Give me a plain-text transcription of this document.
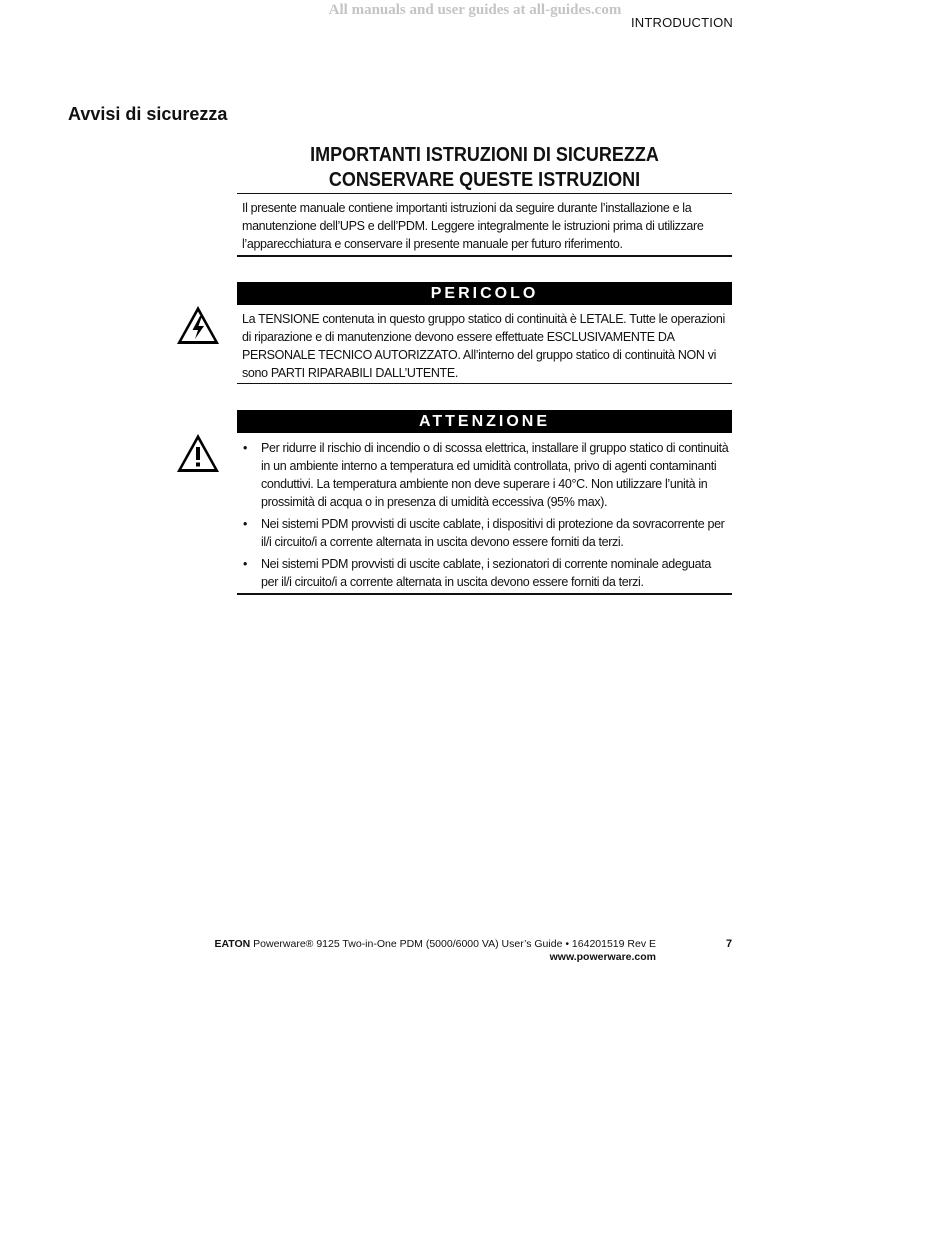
All manuals and user guides at all-guides.com
INTRODUCTION
Avvisi di sicurezza
IMPORTANTI ISTRUZIONI DI SICUREZZA
CONSERVARE QUESTE ISTRUZIONI
Il presente manuale contiene importanti istruzioni da seguire durante l’installazione e la manutenzione dell’UPS e dell’PDM. Leggere integralmente le istruzioni prima di utilizzare l’apparecchiatura e conservare il presente manuale per futuro riferimento.
PERICOLO
La TENSIONE contenuta in questo gruppo statico di continuità è LETALE. Tutte le operazioni di riparazione e di manutenzione devono essere effettuate ESCLUSIVAMENTE DA PERSONALE TECNICO AUTORIZZATO. All’interno del gruppo statico di continuità NON vi sono PARTI RIPARABILI DALL’UTENTE.
ATTENZIONE
• Per ridurre il rischio di incendio o di scossa elettrica, installare il gruppo statico di continuità in un ambiente interno a temperatura ed umidità controllata, privo di agenti contaminanti conduttivi. La temperatura ambiente non deve superare i 40°C. Non utilizzare l’unità in prossimità di acqua o in presenza di umidità eccessiva (95% max).
• Nei sistemi PDM provvisti di uscite cablate, i dispositivi di protezione da sovracorrente per il/i circuito/i a corrente alternata in uscita devono essere forniti da terzi.
• Nei sistemi PDM provvisti di uscite cablate, i sezionatori di corrente nominale adeguata per il/i circuito/i a corrente alternata in uscita devono essere forniti da terzi.
EATON Powerware® 9125 Two-in-One PDM (5000/6000 VA) User’s Guide • 164201519 Rev E
www.powerware.com
7
